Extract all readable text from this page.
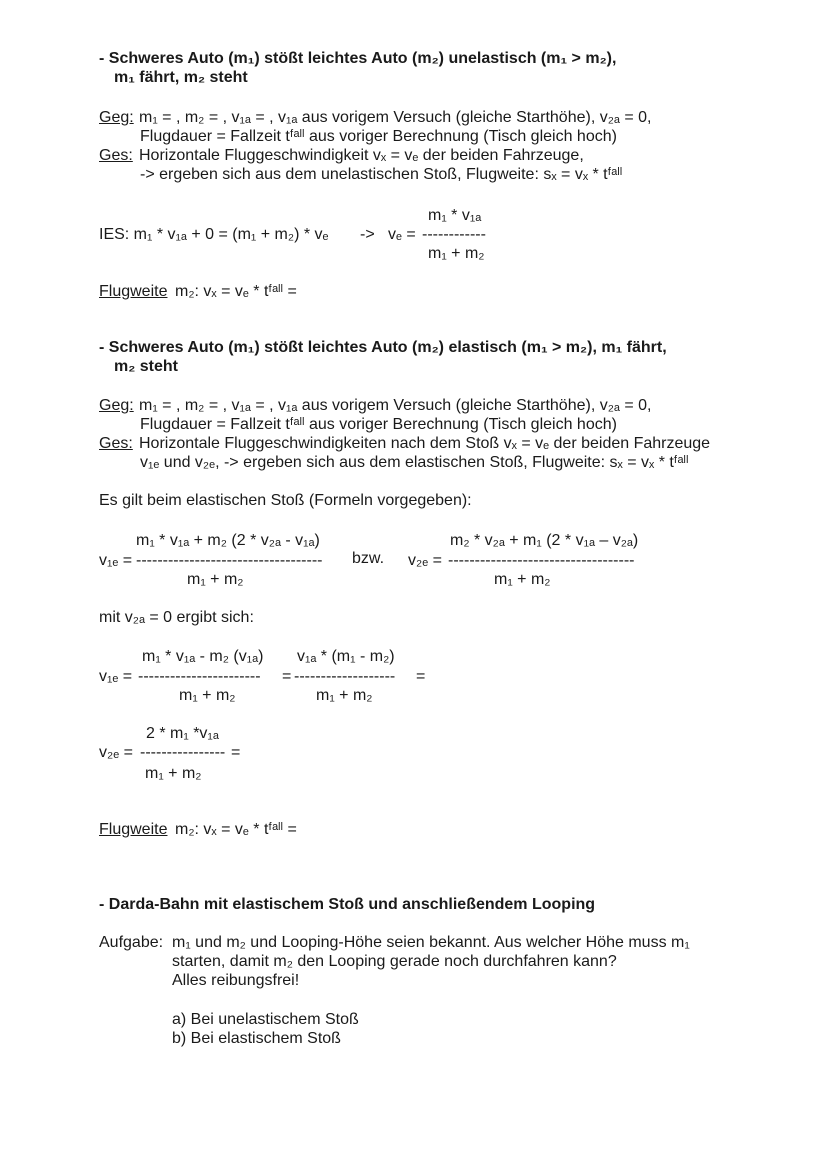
- Schweres Auto (m₁) stößt leichtes Auto (m₂) unelastisch (m₁ > m₂),
m₁ fährt, m₂ steht
Geg: m₁ = , m₂ = , v₁ₐ = , v₁ₐ aus vorigem Versuch (gleiche Starthöhe), v₂ₐ = 0,
Flugdauer = Fallzeit tᶠᵃˡˡ aus voriger Berechnung (Tisch gleich hoch)
Ges: Horizontale Fluggeschwindigkeit vₓ = vₑ der beiden Fahrzeuge,
-> ergeben sich aus dem unelastischen Stoß, Flugweite: sₓ = vₓ * tᶠᵃˡˡ
m₁ * v₁ₐ
IES: m₁ * v₁ₐ + 0 = (m₁ + m₂) * vₑ -> vₑ = ------------
m₁ + m₂
Flugweite m₂: vₓ = vₑ * tᶠᵃˡˡ =
- Schweres Auto (m₁) stößt leichtes Auto (m₂) elastisch (m₁ > m₂), m₁ fährt,
m₂ steht
Geg: m₁ = , m₂ = , v₁ₐ = , v₁ₐ aus vorigem Versuch (gleiche Starthöhe), v₂ₐ = 0,
Flugdauer = Fallzeit tᶠᵃˡˡ aus voriger Berechnung (Tisch gleich hoch)
Ges: Horizontale Fluggeschwindigkeiten nach dem Stoß vₓ = vₑ der beiden Fahrzeuge
v₁ₑ und v₂ₑ, -> ergeben sich aus dem elastischen Stoß, Flugweite: sₓ = vₓ * tᶠᵃˡˡ
Es gilt beim elastischen Stoß (Formeln vorgegeben):
m₁ * v₁ₐ + m₂ (2 * v₂ₐ - v₁ₐ)
v₁ₑ = -----------------------------------
m₁ + m₂
bzw.
m₂ * v₂ₐ + m₁ (2 * v₁ₐ – v₂ₐ)
v₂ₑ = -----------------------------------
m₁ + m₂
mit v₂ₐ = 0 ergibt sich:
m₁ * v₁ₐ - m₂ (v₁ₐ) v₁ₐ * (m₁ - m₂)
v₁ₑ = ----------------------- = ------------------- =
m₁ + m₂	m₁ + m₂
2 * m₁ *v₁ₐ
v₂ₑ = ---------------- =
m₁ + m₂
Flugweite m₂: vₓ = vₑ * tᶠᵃˡˡ =
- Darda-Bahn mit elastischem Stoß und anschließendem Looping
Aufgabe: m₁ und m₂ und Looping-Höhe seien bekannt. Aus welcher Höhe muss m₁
starten, damit m₂ den Looping gerade noch durchfahren kann?
Alles reibungsfrei!
a) Bei unelastischem Stoß
b) Bei elastischem Stoß
